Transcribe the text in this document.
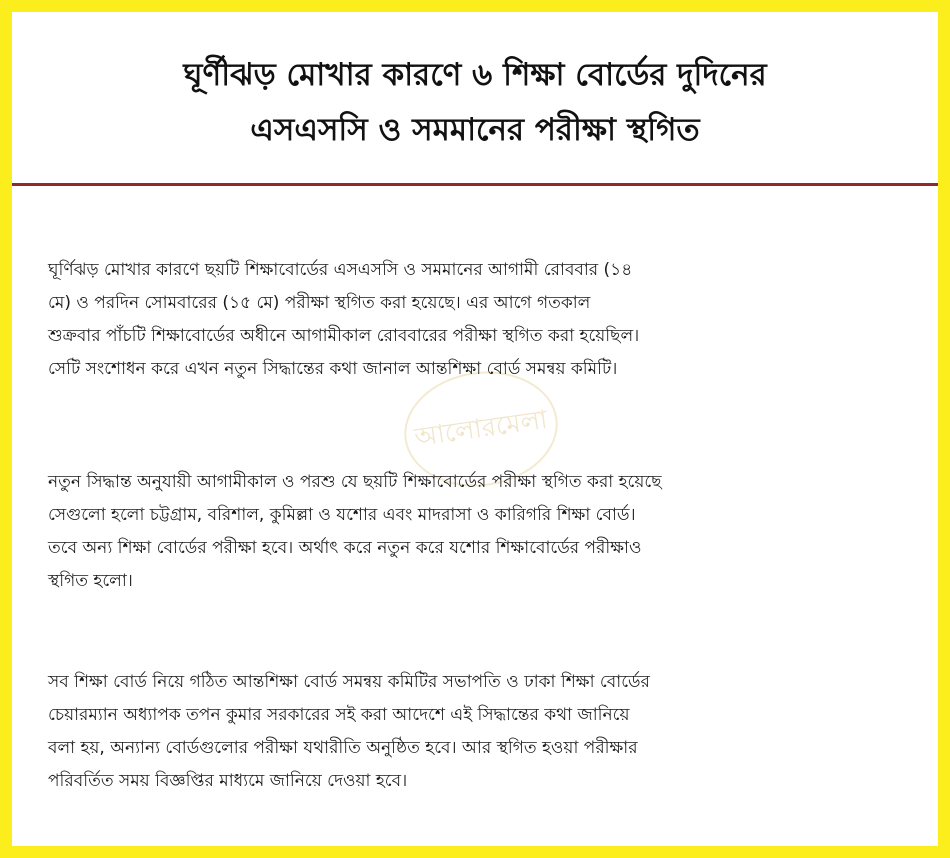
ঘূর্ণীঝড় মোখার কারণে ৬ শিক্ষা বোর্ডের দুদিনের
এসএসসি ও সমমানের পরীক্ষা স্থগিত
আলোরমেলা

ঘূর্ণিঝড় মোখার কারণে ছয়টি শিক্ষাবোর্ডের এসএসসি ও সমমানের আগামী রোববার (১৪
মে) ও পরদিন সোমবারের (১৫ মে) পরীক্ষা স্থগিত করা হয়েছে। এর আগে গতকাল
শুক্রবার পাঁচটি শিক্ষাবোর্ডের অধীনে আগামীকাল রোববারের পরীক্ষা স্থগিত করা হয়েছিল।
সেটি সংশোধন করে এখন নতুন সিদ্ধান্তের কথা জানাল আন্তশিক্ষা বোর্ড সমন্বয় কমিটি।

নতুন সিদ্ধান্ত অনুযায়ী আগামীকাল ও পরশু যে ছয়টি শিক্ষাবোর্ডের পরীক্ষা স্থগিত করা হয়েছে
সেগুলো হলো চট্টগ্রাম, বরিশাল, কুমিল্লা ও যশোর এবং মাদরাসা ও কারিগরি শিক্ষা বোর্ড।
তবে অন্য শিক্ষা বোর্ডের পরীক্ষা হবে। অর্থাৎ করে নতুন করে যশোর শিক্ষাবোর্ডের পরীক্ষাও
স্থগিত হলো।

সব শিক্ষা বোর্ড নিয়ে গঠিত আন্তশিক্ষা বোর্ড সমন্বয় কমিটির সভাপতি ও ঢাকা শিক্ষা বোর্ডের
চেয়ারম্যান অধ্যাপক তপন কুমার সরকারের সই করা আদেশে এই সিদ্ধান্তের কথা জানিয়ে
বলা হয়, অন্যান্য বোর্ডগুলোর পরীক্ষা যথারীতি অনুষ্ঠিত হবে। আর স্থগিত হওয়া পরীক্ষার
পরিবর্তিত সময় বিজ্ঞপ্তির মাধ্যমে জানিয়ে দেওয়া হবে।
